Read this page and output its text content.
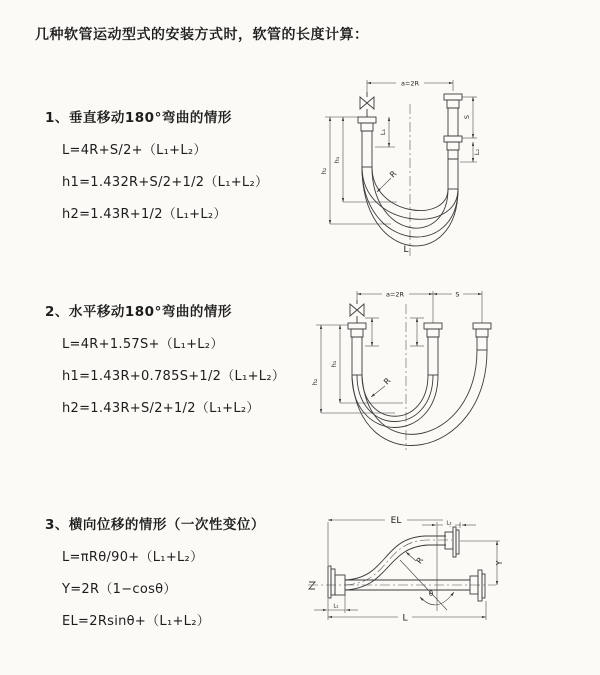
几种软管运动型式的安装方式时，软管的长度计算：
1、垂直移动180°弯曲的情形
L=4R+S/2+（L₁+L₂）
h1=1.432R+S/2+1/2（L₁+L₂）
h2=1.43R+1/2（L₁+L₂）
2、水平移动180°弯曲的情形
L=4R+1.57S+（L₁+L₂）
h1=1.43R+0.785S+1/2（L₁+L₂）
h2=1.43R+S/2+1/2（L₁+L₂）
3、横向位移的情形（一次性变位）
L=πRθ/90+（L₁+L₂）
Y=2R（1−cosθ）
EL=2Rsinθ+（L₁+L₂）
a=2R
L₁
S
L₂
h₁
h₂	R
L
a=2R	S
h₁
h₂	R
EL	L₂
Y
L
L₁
θ
R
